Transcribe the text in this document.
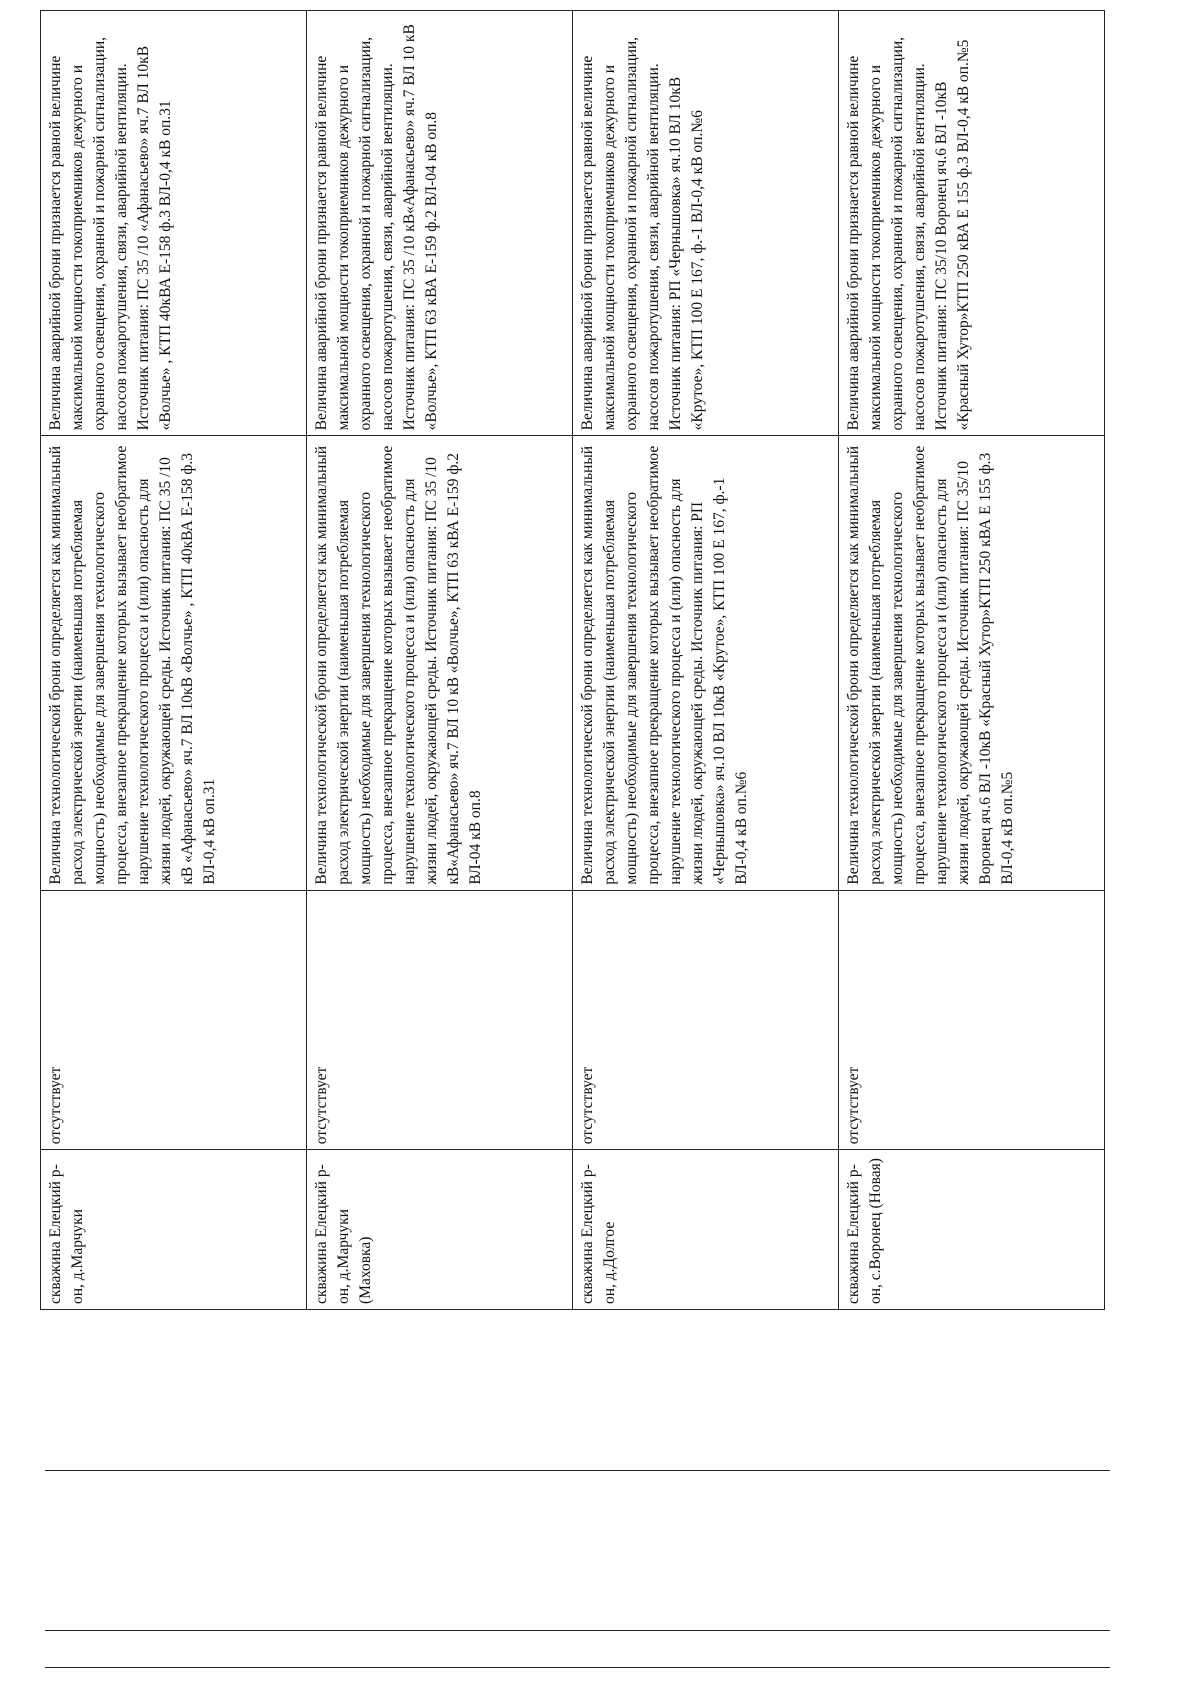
скважина Елецкий р-он, д.Марчуки
отсутствует
Величина технологической брони определяется как минимальный расход электрической энергии (наименьшая потребляемая мощность) необходимые для завершения технологического процесса, внезапное прекращение которых вызывает необратимое нарушение технологического процесса и (или) опасность для жизни людей, окружающей среды. Источник питания: ПС 35 /10 кВ «Афанасьево» яч.7 ВЛ 10кВ «Волчье» , КТП 40кВА Е-158 ф.3 ВЛ-0,4 кВ оп.31
Величина аварийной брони признается равной величине максимальной мощности токоприемников дежурного и охранного освещения, охранной и пожарной сигнализации, насосов пожаротушения, связи, аварийной вентиляции. Источник питания: ПС 35 /10 «Афанасьево» яч.7 ВЛ 10кВ «Волчье» , КТП 40кВА Е-158 ф.3 ВЛ-0,4 кВ оп.31
скважина Елецкий р-он, д.Марчуки (Маховка)
отсутствует
Величина технологической брони определяется как минимальный расход электрической энергии (наименьшая потребляемая мощность) необходимые для завершения технологического процесса, внезапное прекращение которых вызывает необратимое нарушение технологического процесса и (или) опасность для жизни людей, окружающей среды. Источник питания: ПС 35 /10 кВ«Афанасьево» яч.7 ВЛ 10 кВ «Волчье», КТП 63 кВА Е-159 ф.2 ВЛ-04 кВ оп.8
Величина аварийной брони признается равной величине максимальной мощности токоприемников дежурного и охранного освещения, охранной и пожарной сигнализации, насосов пожаротушения, связи, аварийной вентиляции. Источник питания: ПС 35 /10 кВ«Афанасьево» яч.7 ВЛ 10 кВ «Волчье», КТП 63 кВА Е-159 ф.2 ВЛ-04 кВ оп.8
скважина Елецкий р-он, д.Долгое
отсутствует
Величина технологической брони определяется как минимальный расход электрической энергии (наименьшая потребляемая мощность) необходимые для завершения технологического процесса, внезапное прекращение которых вызывает необратимое нарушение технологического процесса и (или) опасность для жизни людей, окружающей среды. Источник питания: РП «Чернышовка» яч.10 ВЛ 10кВ «Крутое», КТП 100 Е 167, ф.-1 ВЛ-0,4 кВ оп.№6
Величина аварийной брони признается равной величине максимальной мощности токоприемников дежурного и охранного освещения, охранной и пожарной сигнализации, насосов пожаротушения, связи, аварийной вентиляции. Источник питания: РП «Чернышовка» яч.10 ВЛ 10кВ «Крутое», КТП 100 Е 167, ф.-1 ВЛ-0,4 кВ оп.№6
скважина Елецкий р-он, с.Воронец (Новая)
отсутствует
Величина технологической брони определяется как минимальный расход электрической энергии (наименьшая потребляемая мощность) необходимые для завершения технологического процесса, внезапное прекращение которых вызывает необратимое нарушение технологического процесса и (или) опасность для жизни людей, окружающей среды. Источник питания: ПС 35/10 Воронец яч.6 ВЛ -10кВ «Красный Хутор»КТП 250 кВА Е 155 ф.3 ВЛ-0,4 кВ оп.№5
Величина аварийной брони признается равной величине максимальной мощности токоприемников дежурного и охранного освещения, охранной и пожарной сигнализации, насосов пожаротушения, связи, аварийной вентиляции. Источник питания: ПС 35/10 Воронец яч.6 ВЛ -10кВ «Красный Хутор»КТП 250 кВА Е 155 ф.3 ВЛ-0,4 кВ оп.№5
